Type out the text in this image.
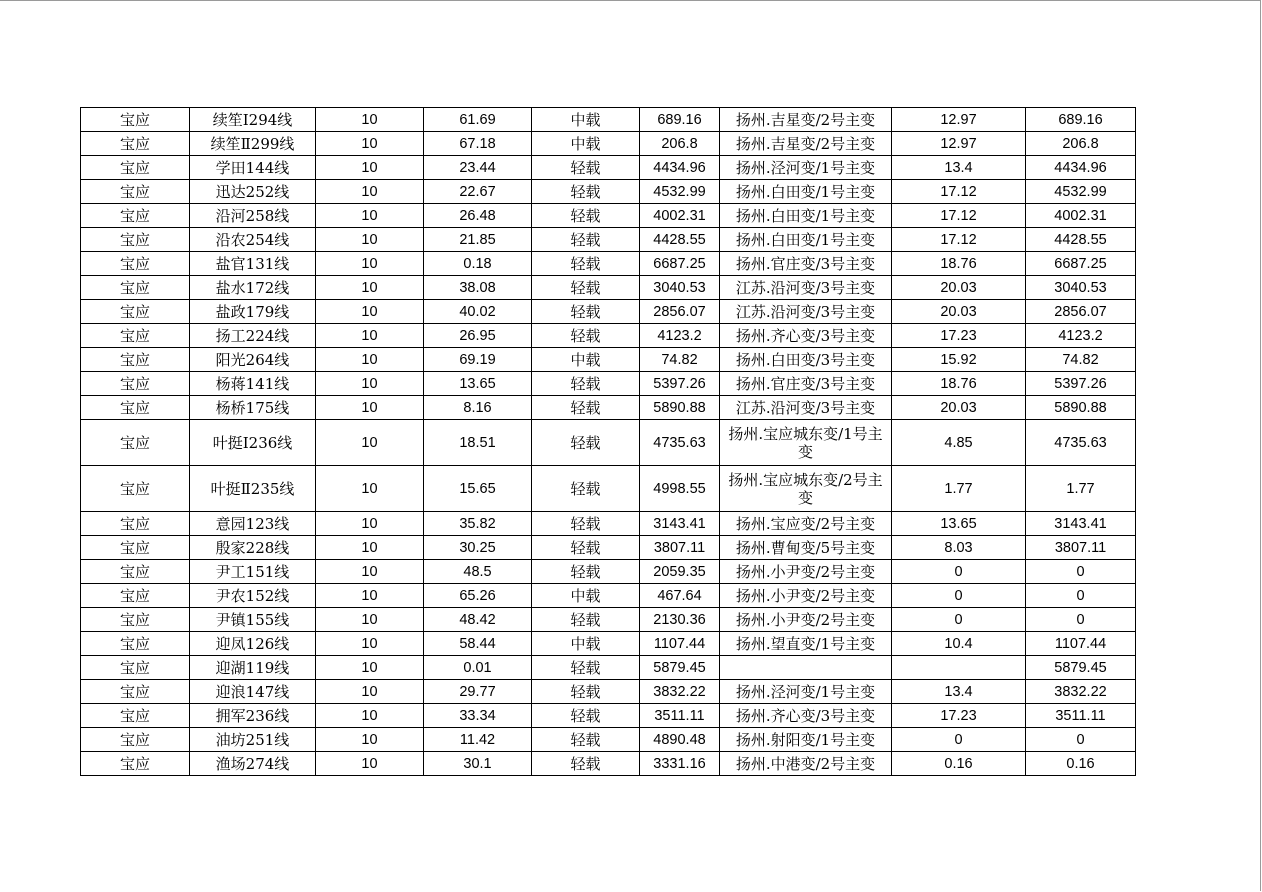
宝应	续笙Ⅰ294线	10	61.69	中载	689.16	扬州.吉星变/2号主变	12.97	689.16
宝应	续笙Ⅱ299线	10	67.18	中载	206.8	扬州.吉星变/2号主变	12.97	206.8
宝应	学田144线	10	23.44	轻载	4434.96	扬州.泾河变/1号主变	13.4	4434.96
宝应	迅达252线	10	22.67	轻载	4532.99	扬州.白田变/1号主变	17.12	4532.99
宝应	沿河258线	10	26.48	轻载	4002.31	扬州.白田变/1号主变	17.12	4002.31
宝应	沿农254线	10	21.85	轻载	4428.55	扬州.白田变/1号主变	17.12	4428.55
宝应	盐官131线	10	0.18	轻载	6687.25	扬州.官庄变/3号主变	18.76	6687.25
宝应	盐水172线	10	38.08	轻载	3040.53	江苏.沿河变/3号主变	20.03	3040.53
宝应	盐政179线	10	40.02	轻载	2856.07	江苏.沿河变/3号主变	20.03	2856.07
宝应	扬工224线	10	26.95	轻载	4123.2	扬州.齐心变/3号主变	17.23	4123.2
宝应	阳光264线	10	69.19	中载	74.82	扬州.白田变/3号主变	15.92	74.82
宝应	杨蒋141线	10	13.65	轻载	5397.26	扬州.官庄变/3号主变	18.76	5397.26
宝应	杨桥175线	10	8.16	轻载	5890.88	江苏.沿河变/3号主变	20.03	5890.88
宝应	叶挺Ⅰ236线	10	18.51	轻载	4735.63	扬州.宝应城东变/1号主变	4.85	4735.63
宝应	叶挺Ⅱ235线	10	15.65	轻载	4998.55	扬州.宝应城东变/2号主变	1.77	1.77
宝应	意园123线	10	35.82	轻载	3143.41	扬州.宝应变/2号主变	13.65	3143.41
宝应	殷家228线	10	30.25	轻载	3807.11	扬州.曹甸变/5号主变	8.03	3807.11
宝应	尹工151线	10	48.5	轻载	2059.35	扬州.小尹变/2号主变	0	0
宝应	尹农152线	10	65.26	中载	467.64	扬州.小尹变/2号主变	0	0
宝应	尹镇155线	10	48.42	轻载	2130.36	扬州.小尹变/2号主变	0	0
宝应	迎凤126线	10	58.44	中载	1107.44	扬州.望直变/1号主变	10.4	1107.44
宝应	迎湖119线	10	0.01	轻载	5879.45			5879.45
宝应	迎浪147线	10	29.77	轻载	3832.22	扬州.泾河变/1号主变	13.4	3832.22
宝应	拥军236线	10	33.34	轻载	3511.11	扬州.齐心变/3号主变	17.23	3511.11
宝应	油坊251线	10	11.42	轻载	4890.48	扬州.射阳变/1号主变	0	0
宝应	渔场274线	10	30.1	轻载	3331.16	扬州.中港变/2号主变	0.16	0.16
